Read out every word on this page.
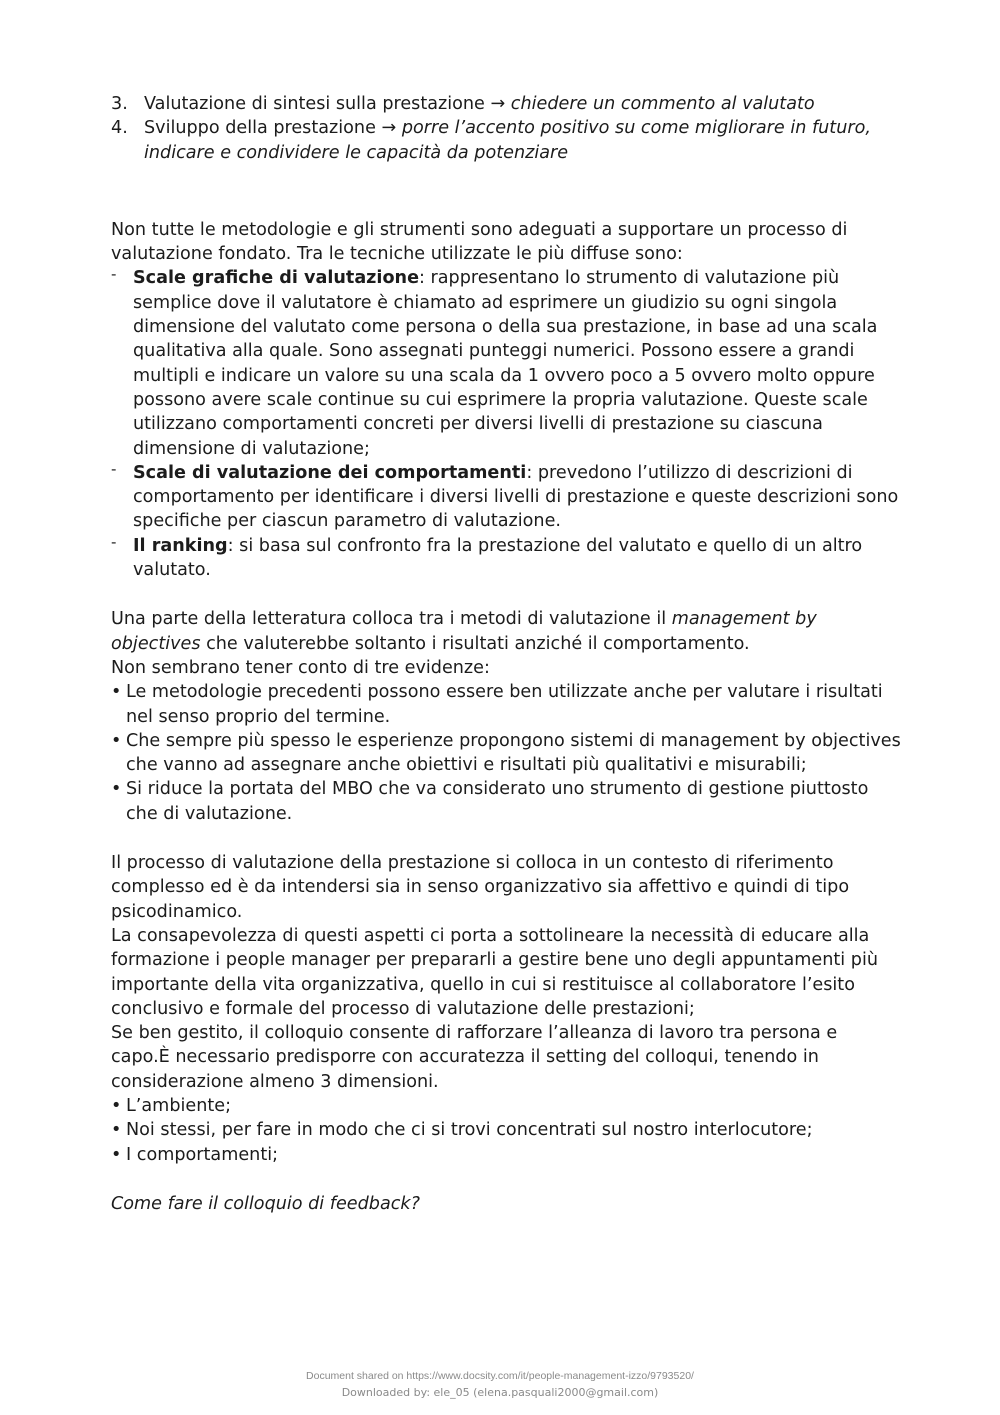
3. Valutazione di sintesi sulla prestazione → chiedere un commento al valutato
4. Sviluppo della prestazione → porre l’accento positivo su come migliorare in futuro, indicare e condividere le capacità da potenziare

Non tutte le metodologie e gli strumenti sono adeguati a supportare un processo di valutazione fondato. Tra le tecniche utilizzate le più diffuse sono:

- Scale grafiche di valutazione: rappresentano lo strumento di valutazione più semplice dove il valutatore è chiamato ad esprimere un giudizio su ogni singola dimensione del valutato come persona o della sua prestazione, in base ad una scala qualitativa alla quale. Sono assegnati punteggi numerici. Possono essere a grandi multipli e indicare un valore su una scala da 1 ovvero poco a 5 ovvero molto oppure possono avere scale continue su cui esprimere la propria valutazione. Queste scale utilizzano comportamenti concreti per diversi livelli di prestazione su ciascuna dimensione di valutazione;
- Scale di valutazione dei comportamenti: prevedono l’utilizzo di descrizioni di comportamento per identificare i diversi livelli di prestazione e queste descrizioni sono specifiche per ciascun parametro di valutazione.
- Il ranking: si basa sul confronto fra la prestazione del valutato e quello di un altro valutato.

Una parte della letteratura colloca tra i metodi di valutazione il management by objectives che valuterebbe soltanto i risultati anziché il comportamento.

Non sembrano tener conto di tre evidenze:

• Le metodologie precedenti possono essere ben utilizzate anche per valutare i risultati nel senso proprio del termine.
• Che sempre più spesso le esperienze propongono sistemi di management by objectives che vanno ad assegnare anche obiettivi e risultati più qualitativi e misurabili;
• Si riduce la portata del MBO che va considerato uno strumento di gestione piuttosto che di valutazione.

Il processo di valutazione della prestazione si colloca in un contesto di riferimento complesso ed è da intendersi sia in senso organizzativo sia affettivo e quindi di tipo psicodinamico.

La consapevolezza di questi aspetti ci porta a sottolineare la necessità di educare alla formazione i people manager per prepararli a gestire bene uno degli appuntamenti più importante della vita organizzativa, quello in cui si restituisce al collaboratore l’esito conclusivo e formale del processo di valutazione delle prestazioni;

Se ben gestito, il colloquio consente di rafforzare l’alleanza di lavoro tra persona e capo.È necessario predisporre con accuratezza il setting del colloqui, tenendo in considerazione almeno 3 dimensioni.

• L’ambiente;
• Noi stessi, per fare in modo che ci si trovi concentrati sul nostro interlocutore;
• I comportamenti;

Come fare il colloquio di feedback?

Document shared on https://www.docsity.com/it/people-management-izzo/9793520/
Downloaded by: ele_05 (elena.pasquali2000@gmail.com)
